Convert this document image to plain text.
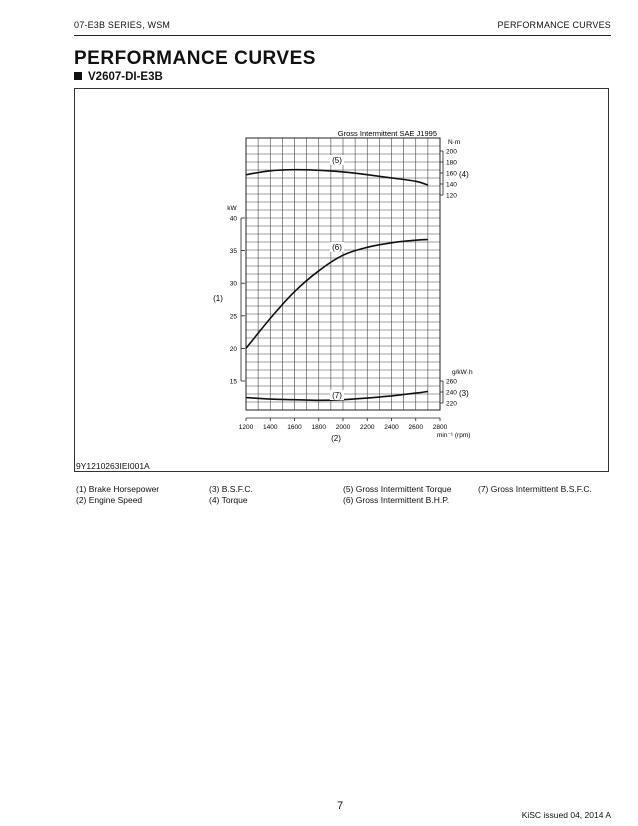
07-E3B SERIES, WSM	PERFORMANCE CURVES
PERFORMANCE CURVES
V2607-DI-E3B
Gross Intermittent SAE J1995
1200 1400 1600 1800 2000 2200 2400 2600 2800
(2)	min⁻¹ (rpm)
15
20
25
30
35
40
kW
(1)
120
140
160
180
200
N·m
(4)
220
240
260
g/kW·h
(3)
(5)
(6)
(7)
9Y1210263IEI001A
(1) Brake Horsepower
(2) Engine Speed
(3) B.S.F.C.
(4) Torque
(5) Gross Intermittent Torque
(6) Gross Intermittent B.H.P.
(7) Gross Intermittent B.S.F.C.
7
KiSC issued 04, 2014 A
